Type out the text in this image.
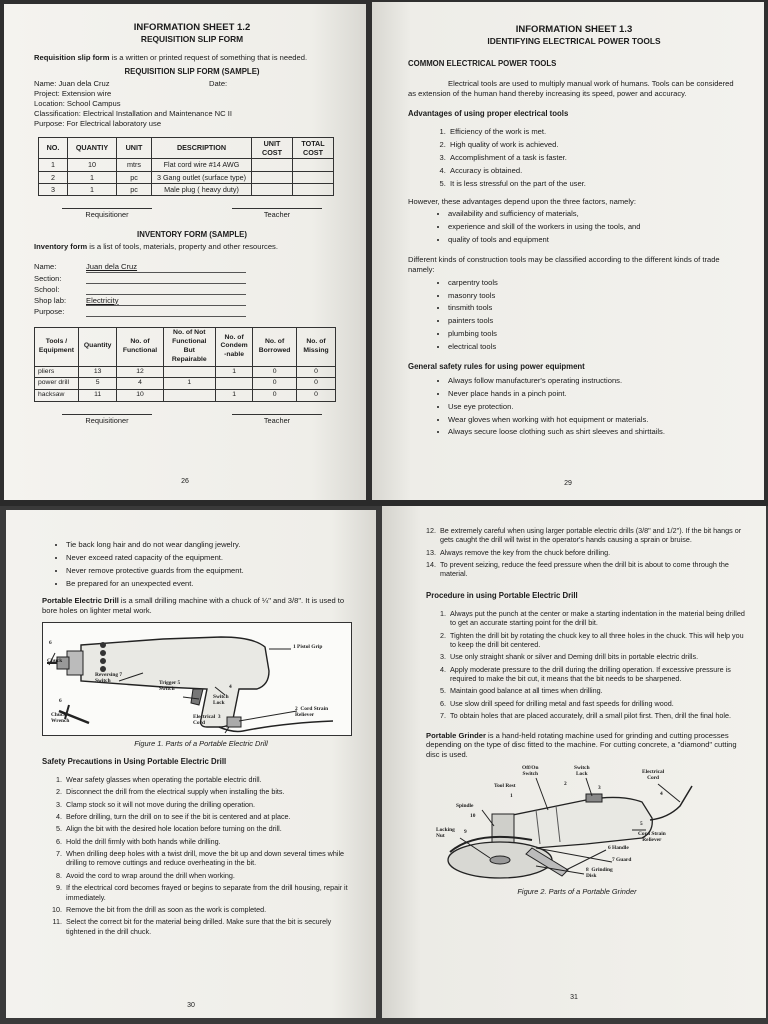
INFORMATION SHEET 1.2

REQUISITION SLIP FORM

Requisition slip form is a written or printed request of something that is needed.

REQUISITION SLIP FORM (SAMPLE)

Name: Juan dela Cruz	Date:

Project: Extension wire

Location: School Campus

Classification: Electrical Installation and Maintenance NC II

Purpose: For Electrical laboratory use

NO.	QUANTIY	UNIT	DESCRIPTION	UNIT COST	TOTAL COST
1	10	mtrs	Flat cord wire #14 AWG		
2	1	pc	3 Gang outlet (surface type)		
3	1	pc	Male plug ( heavy duty)		
Requisitioner	Teacher

INVENTORY FORM (SAMPLE)

Inventory form is a list of tools, materials, property and other resources.

Name:	Juan dela Cruz
Section:
School:
Shop lab:	Electricity
Purpose:
Tools / Equipment	Quantity	No. of Functional	No. of Not Functional But Repairable	No. of Condem -nable	No. of Borrowed	No. of Missing
pliers	13	12		1	0	0
power drill	5	4	1		0	0
hacksaw	11	10		1	0	0
Requisitioner	Teacher
26

INFORMATION SHEET 1.3

IDENTIFYING ELECTRICAL POWER TOOLS

COMMON ELECTRICAL POWER TOOLS

Electrical tools are used to multiply manual work of humans. Tools can be considered as extension of the human hand thereby increasing its speed, power and accuracy.

Advantages of using proper electrical tools

1. Efficiency of the work is met.
2. High quality of work is achieved.
3. Accomplishment of a task is faster.
4. Accuracy is obtained.
5. It is less stressful on the part of the user.

However, these advantages depend upon the three factors, namely:

• availability and sufficiency of materials,
• experience and skill of the workers in using the tools, and
• quality of tools and equipment

Different kinds of construction tools may be classified according to the different kinds of trade namely:

• carpentry tools
• masonry tools
• tinsmith tools
• painters tools
• plumbing tools
• electrical tools

General safety rules for using power equipment

• Always follow manufacturer's operating instructions.
• Never place hands in a pinch point.
• Use eye protection.
• Wear gloves when working with hot equipment or materials.
• Always secure loose clothing such as shirt sleeves and shirttails.
29
• Tie back long hair and do not wear dangling jewelry.
• Never exceed rated capacity of the equipment.
• Never remove protective guards from the equipment.
• Be prepared for an unexpected event.

Portable Electric Drill is a small drilling machine with a chuck of ¼" and 3/8". It is used to bore holes on lighter metal work.

1 Pistol Grip
6
Chuck
Reversing 7
Switch	Trigger 5
Switch	4
Switch
Lock
6
Chuck
Wrench
2  Cord Strain
Reliever
Electrical  3
Cord

Figure 1. Parts of a Portable Electric Drill

Safety Precautions in Using Portable Electric Drill

1. Wear safety glasses when operating the portable electric drill.
2. Disconnect the drill from the electrical supply when installing the bits.
3. Clamp stock so it will not move during the drilling operation.
4. Before drilling, turn the drill on to see if the bit is centered and at place.
5. Align the bit with the desired hole location before turning on the drill.
6. Hold the drill firmly with both hands while drilling.
7. When drilling deep holes with a twist drill, move the bit up and down several times while drilling to remove cuttings and reduce overheating in the bit.
8. Avoid the cord to wrap around the drill when working.
9. If the electrical cord becomes frayed or begins to separate from the drill housing, repair it immediately.
10. Remove the bit from the drill as soon as the work is completed.
11. Select the correct bit for the material being drilled. Make sure that the bit is securely tightened in the drill chuck.
30
12. Be extremely careful when using larger portable electric drills (3/8" and 1/2"). If the bit hangs or gets caught the drill will twist in the operator's hands causing a sprain or bruise.
13. Always remove the key from the chuck before drilling.
14. To prevent seizing, reduce the feed pressure when the drill bit is about to come through the material.

Procedure in using Portable Electric Drill

1. Always put the punch at the center or make a starting indentation in the material being drilled to get an accurate starting point for the drill bit.
2. Tighten the drill bit by rotating the chuck key to all three holes in the chuck. This will help you to keep the drill bit centered.
3. Use only straight shank or silver and Deming drill bits in portable electric drills.
4. Apply moderate pressure to the drill during the drilling operation. If excessive pressure is required to make the bit cut, it means that the bit needs to be sharpened.
5. Maintain good balance at all times when drilling.
6. Use slow drill speed for drilling metal and fast speeds for drilling wood.
7. To obtain holes that are placed accurately, drill a small pilot first. Then, drill the final hole.

Portable Grinder is a hand-held rotating machine used for grinding and cutting processes depending on the type of disc fitted to the machine. For cutting concrete, a "diamond" cutting disc is used.

Off/On
Switch
Switch
Lock	Electrical
Cord
Tool Rest	2
3
1	4
Spindle
10
5
Cord Strain
Reliever
Locking
Nut
9
6 Handle
7 Guard
8  Grinding
Disk

Figure 2. Parts of a Portable Grinder

31
